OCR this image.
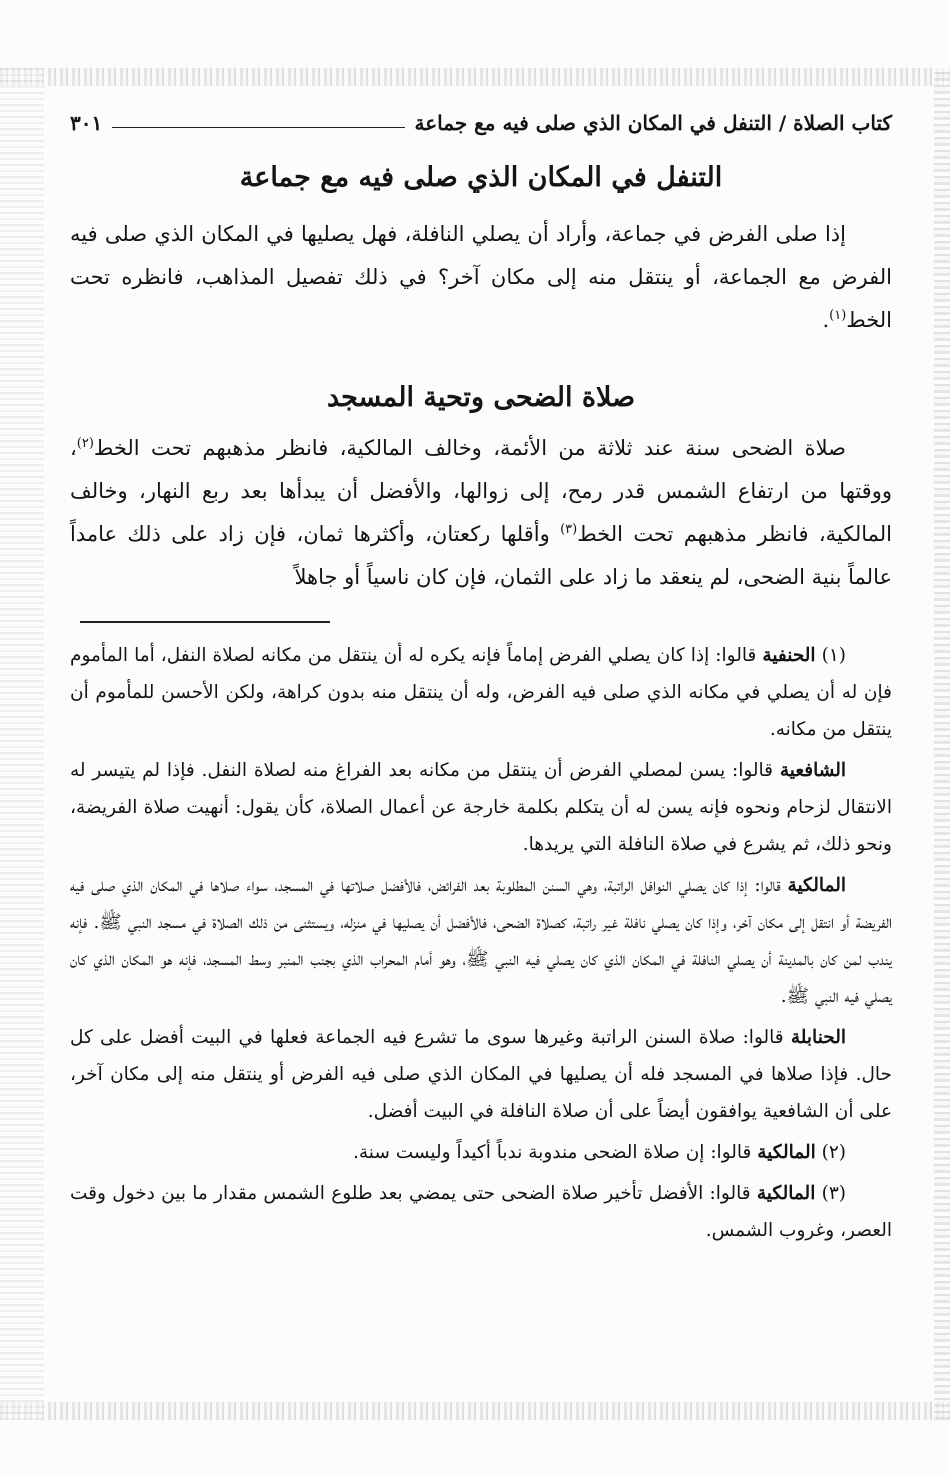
كتاب الصلاة / التنفل في المكان الذي صلى فيه مع جماعة
٣٠١
التنفل في المكان الذي صلى فيه مع جماعة

إذا صلى الفرض في جماعة، وأراد أن يصلي النافلة، فهل يصليها في المكان الذي صلى فيه الفرض مع الجماعة، أو ينتقل منه إلى مكان آخر؟ في ذلك تفصيل المذاهب، فانظره تحت الخط$^{(١)}$.

صلاة الضحى وتحية المسجد

صلاة الضحى سنة عند ثلاثة من الأئمة، وخالف المالكية، فانظر مذهبهم تحت الخط$^{(٢)}$، ووقتها من ارتفاع الشمس قدر رمح، إلى زوالها، والأفضل أن يبدأها بعد ربع النهار، وخالف المالكية، فانظر مذهبهم تحت الخط$^{(٣)}$ وأقلها ركعتان، وأكثرها ثمان، فإن زاد على ذلك عامداً عالماً بنية الضحى، لم ينعقد ما زاد على الثمان، فإن كان ناسياً أو جاهلاً

(١) الحنفية قالوا: إذا كان يصلي الفرض إماماً فإنه يكره له أن ينتقل من مكانه لصلاة النفل، أما المأموم فإن له أن يصلي في مكانه الذي صلى فيه الفرض، وله أن ينتقل منه بدون كراهة، ولكن الأحسن للمأموم أن ينتقل من مكانه.

الشافعية قالوا: يسن لمصلي الفرض أن ينتقل من مكانه بعد الفراغ منه لصلاة النفل. فإذا لم يتيسر له الانتقال لزحام ونحوه فإنه يسن له أن يتكلم بكلمة خارجة عن أعمال الصلاة، كأن يقول: أنهيت صلاة الفريضة، ونحو ذلك، ثم يشرع في صلاة النافلة التي يريدها.

المالكية قالوا: إذا كان يصلي النوافل الراتبة، وهي السنن المطلوبة بعد الفرائض، فالأفضل صلاتها في المسجد، سواء صلاها في المكان الذي صلى فيه الفريضة أو انتقل إلى مكان آخر، وإذا كان يصلي نافلة غير راتبة، كصلاة الضحى، فالأفضل أن يصليها في منزله، ويستثنى من ذلك الصلاة في مسجد النبي ﷺ. فإنه يندب لمن كان بالمدينة أن يصلي النافلة في المكان الذي كان يصلي فيه النبي ﷺ، وهو أمام المحراب الذي بجنب المنبر وسط المسجد، فإنه هو المكان الذي كان يصلي فيه النبي ﷺ.

الحنابلة قالوا: صلاة السنن الراتبة وغيرها سوى ما تشرع فيه الجماعة فعلها في البيت أفضل على كل حال. فإذا صلاها في المسجد فله أن يصليها في المكان الذي صلى فيه الفرض أو ينتقل منه إلى مكان آخر، على أن الشافعية يوافقون أيضاً على أن صلاة النافلة في البيت أفضل.

(٢) المالكية قالوا: إن صلاة الضحى مندوبة ندباً أكيداً وليست سنة.

(٣) المالكية قالوا: الأفضل تأخير صلاة الضحى حتى يمضي بعد طلوع الشمس مقدار ما بين دخول وقت العصر، وغروب الشمس.
